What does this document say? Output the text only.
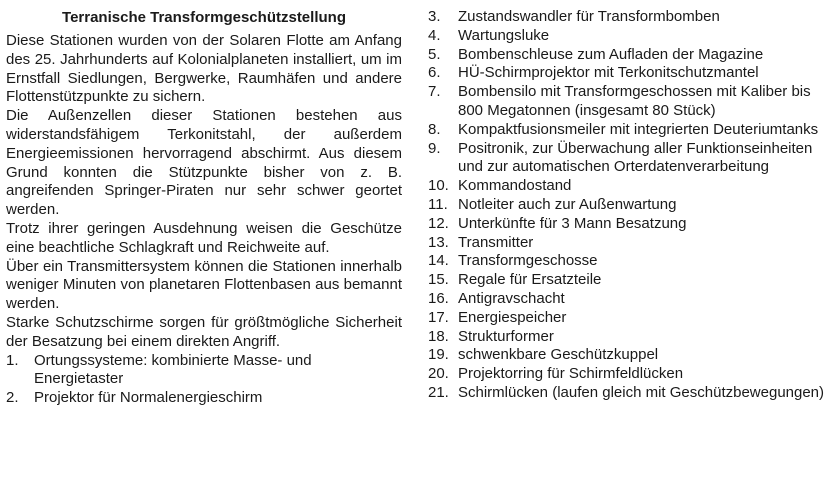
Terranische Transformgeschützstellung

Diese Stationen wurden von der Solaren Flotte am Anfang des 25. Jahrhunderts auf Kolonialplaneten installiert, um im Ernstfall Siedlungen, Bergwerke, Raumhäfen und andere Flottenstützpunkte zu sichern.

Die Außenzellen dieser Stationen bestehen aus widerstandsfähigem Terkonitstahl, der außerdem Energieemissionen hervorragend abschirmt. Aus diesem Grund konnten die Stützpunkte bisher von z. B. angreifenden Springer-Piraten nur sehr schwer geortet werden.

Trotz ihrer geringen Ausdehnung weisen die Geschütze eine beachtliche Schlagkraft und Reichweite auf.

Über ein Transmittersystem können die Stationen innerhalb weniger Minuten von planetaren Flottenbasen aus bemannt werden.

Starke Schutzschirme sorgen für größtmögliche Sicherheit der Besatzung bei einem direkten Angriff.

1.	Ortungssysteme: kombinierte Masse- und Energietaster
2.	Projektor für Normalenergieschirm
3.	Zustandswandler für Transformbomben
4.	Wartungsluke
5.	Bombenschleuse zum Aufladen der Magazine
6.	HÜ-Schirmprojektor mit Terkonitschutzmantel
7.	Bombensilo mit Transformgeschossen mit Kaliber bis 800 Megatonnen (insgesamt 80 Stück)
8.	Kompaktfusionsmeiler mit integrierten Deuteriumtanks
9.	Positronik, zur Überwachung aller Funktionseinheiten und zur automatischen Orterdatenverarbeitung
10. Kommandostand
11. Notleiter auch zur Außenwartung
12. Unterkünfte für 3 Mann Besatzung
13. Transmitter
14. Transformgeschosse
15. Regale für Ersatzteile
16. Antigravschacht
17. Energiespeicher
18. Strukturformer
19. schwenkbare Geschützkuppel
20. Projektorring für Schirmfeldlücken
21. Schirmlücken (laufen gleich mit Geschützbewegungen)
